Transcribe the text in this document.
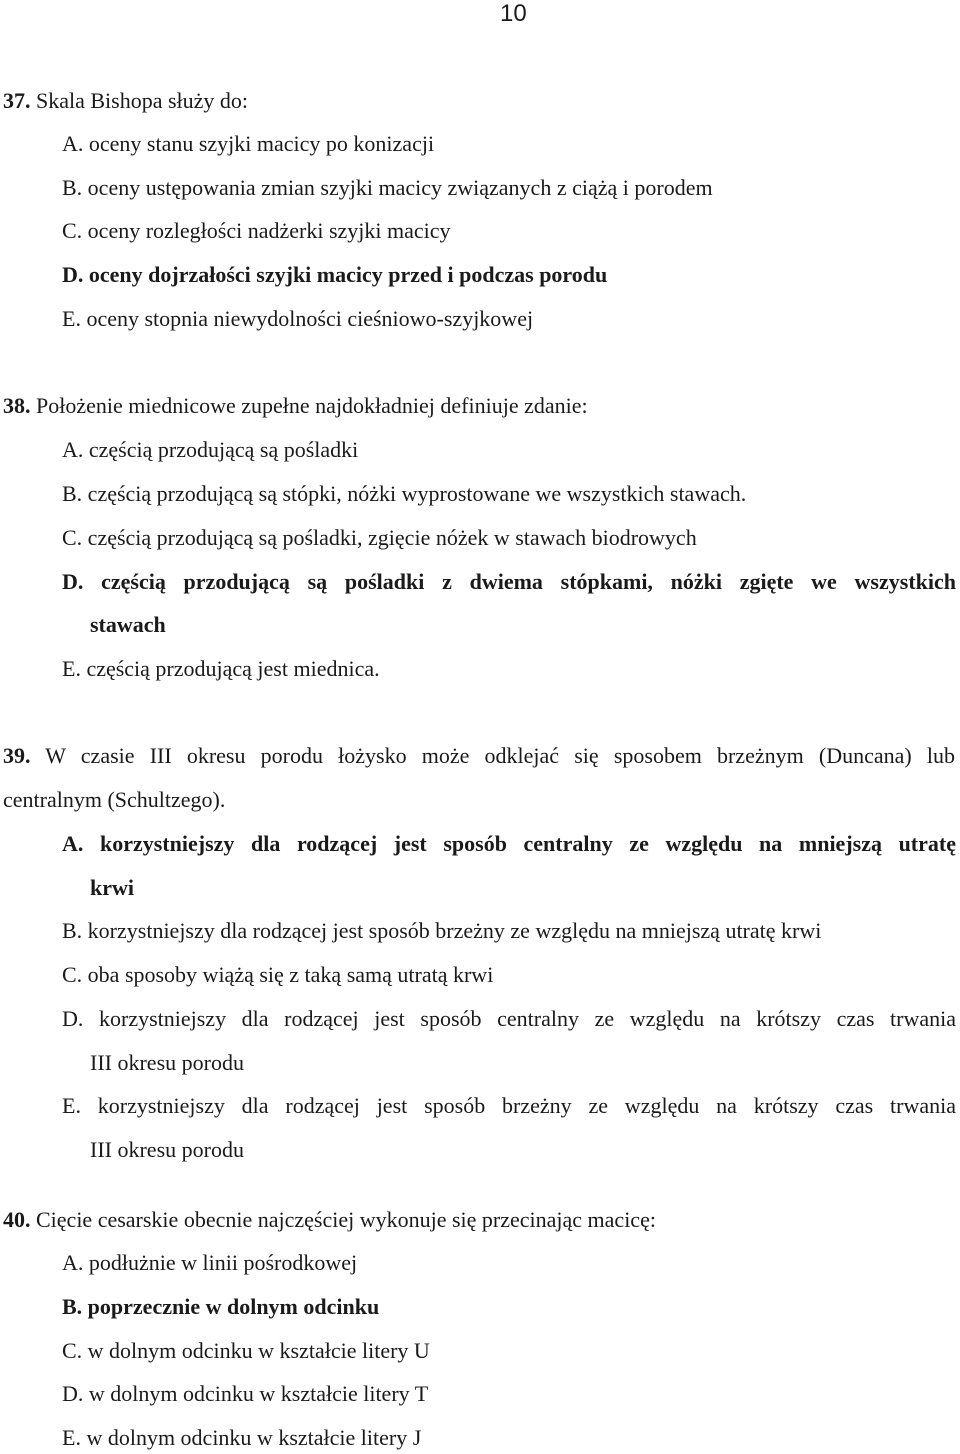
10
37. Skala Bishopa służy do:
A. oceny stanu szyjki macicy po konizacji
B. oceny ustępowania zmian szyjki macicy związanych z ciążą i porodem
C. oceny rozległości nadżerki szyjki macicy
D. oceny dojrzałości szyjki macicy przed i podczas porodu
E. oceny stopnia niewydolności cieśniowo-szyjkowej
38. Położenie miednicowe zupełne najdokładniej definiuje zdanie:
A. częścią przodującą są pośladki
B. częścią przodującą są stópki, nóżki wyprostowane we wszystkich stawach.
C. częścią przodującą są pośladki, zgięcie nóżek w stawach biodrowych
D. częścią przodującą są pośladki z dwiema stópkami, nóżki zgięte we wszystkich
stawach
E. częścią przodującą jest miednica.
39. W czasie III okresu porodu łożysko może odklejać się sposobem brzeżnym (Duncana) lub
centralnym (Schultzego).
A. korzystniejszy dla rodzącej jest sposób centralny ze względu na mniejszą utratę
krwi
B. korzystniejszy dla rodzącej jest sposób brzeżny ze względu na mniejszą utratę krwi
C. oba sposoby wiążą się z taką samą utratą krwi
D. korzystniejszy dla rodzącej jest sposób centralny ze względu na krótszy czas trwania
III okresu porodu
E. korzystniejszy dla rodzącej jest sposób brzeżny ze względu na krótszy czas trwania
III okresu porodu
40. Cięcie cesarskie obecnie najczęściej wykonuje się przecinając macicę:
A. podłużnie w linii pośrodkowej
B. poprzecznie w dolnym odcinku
C. w dolnym odcinku w kształcie litery U
D. w dolnym odcinku w kształcie litery T
E. w dolnym odcinku w kształcie litery J
